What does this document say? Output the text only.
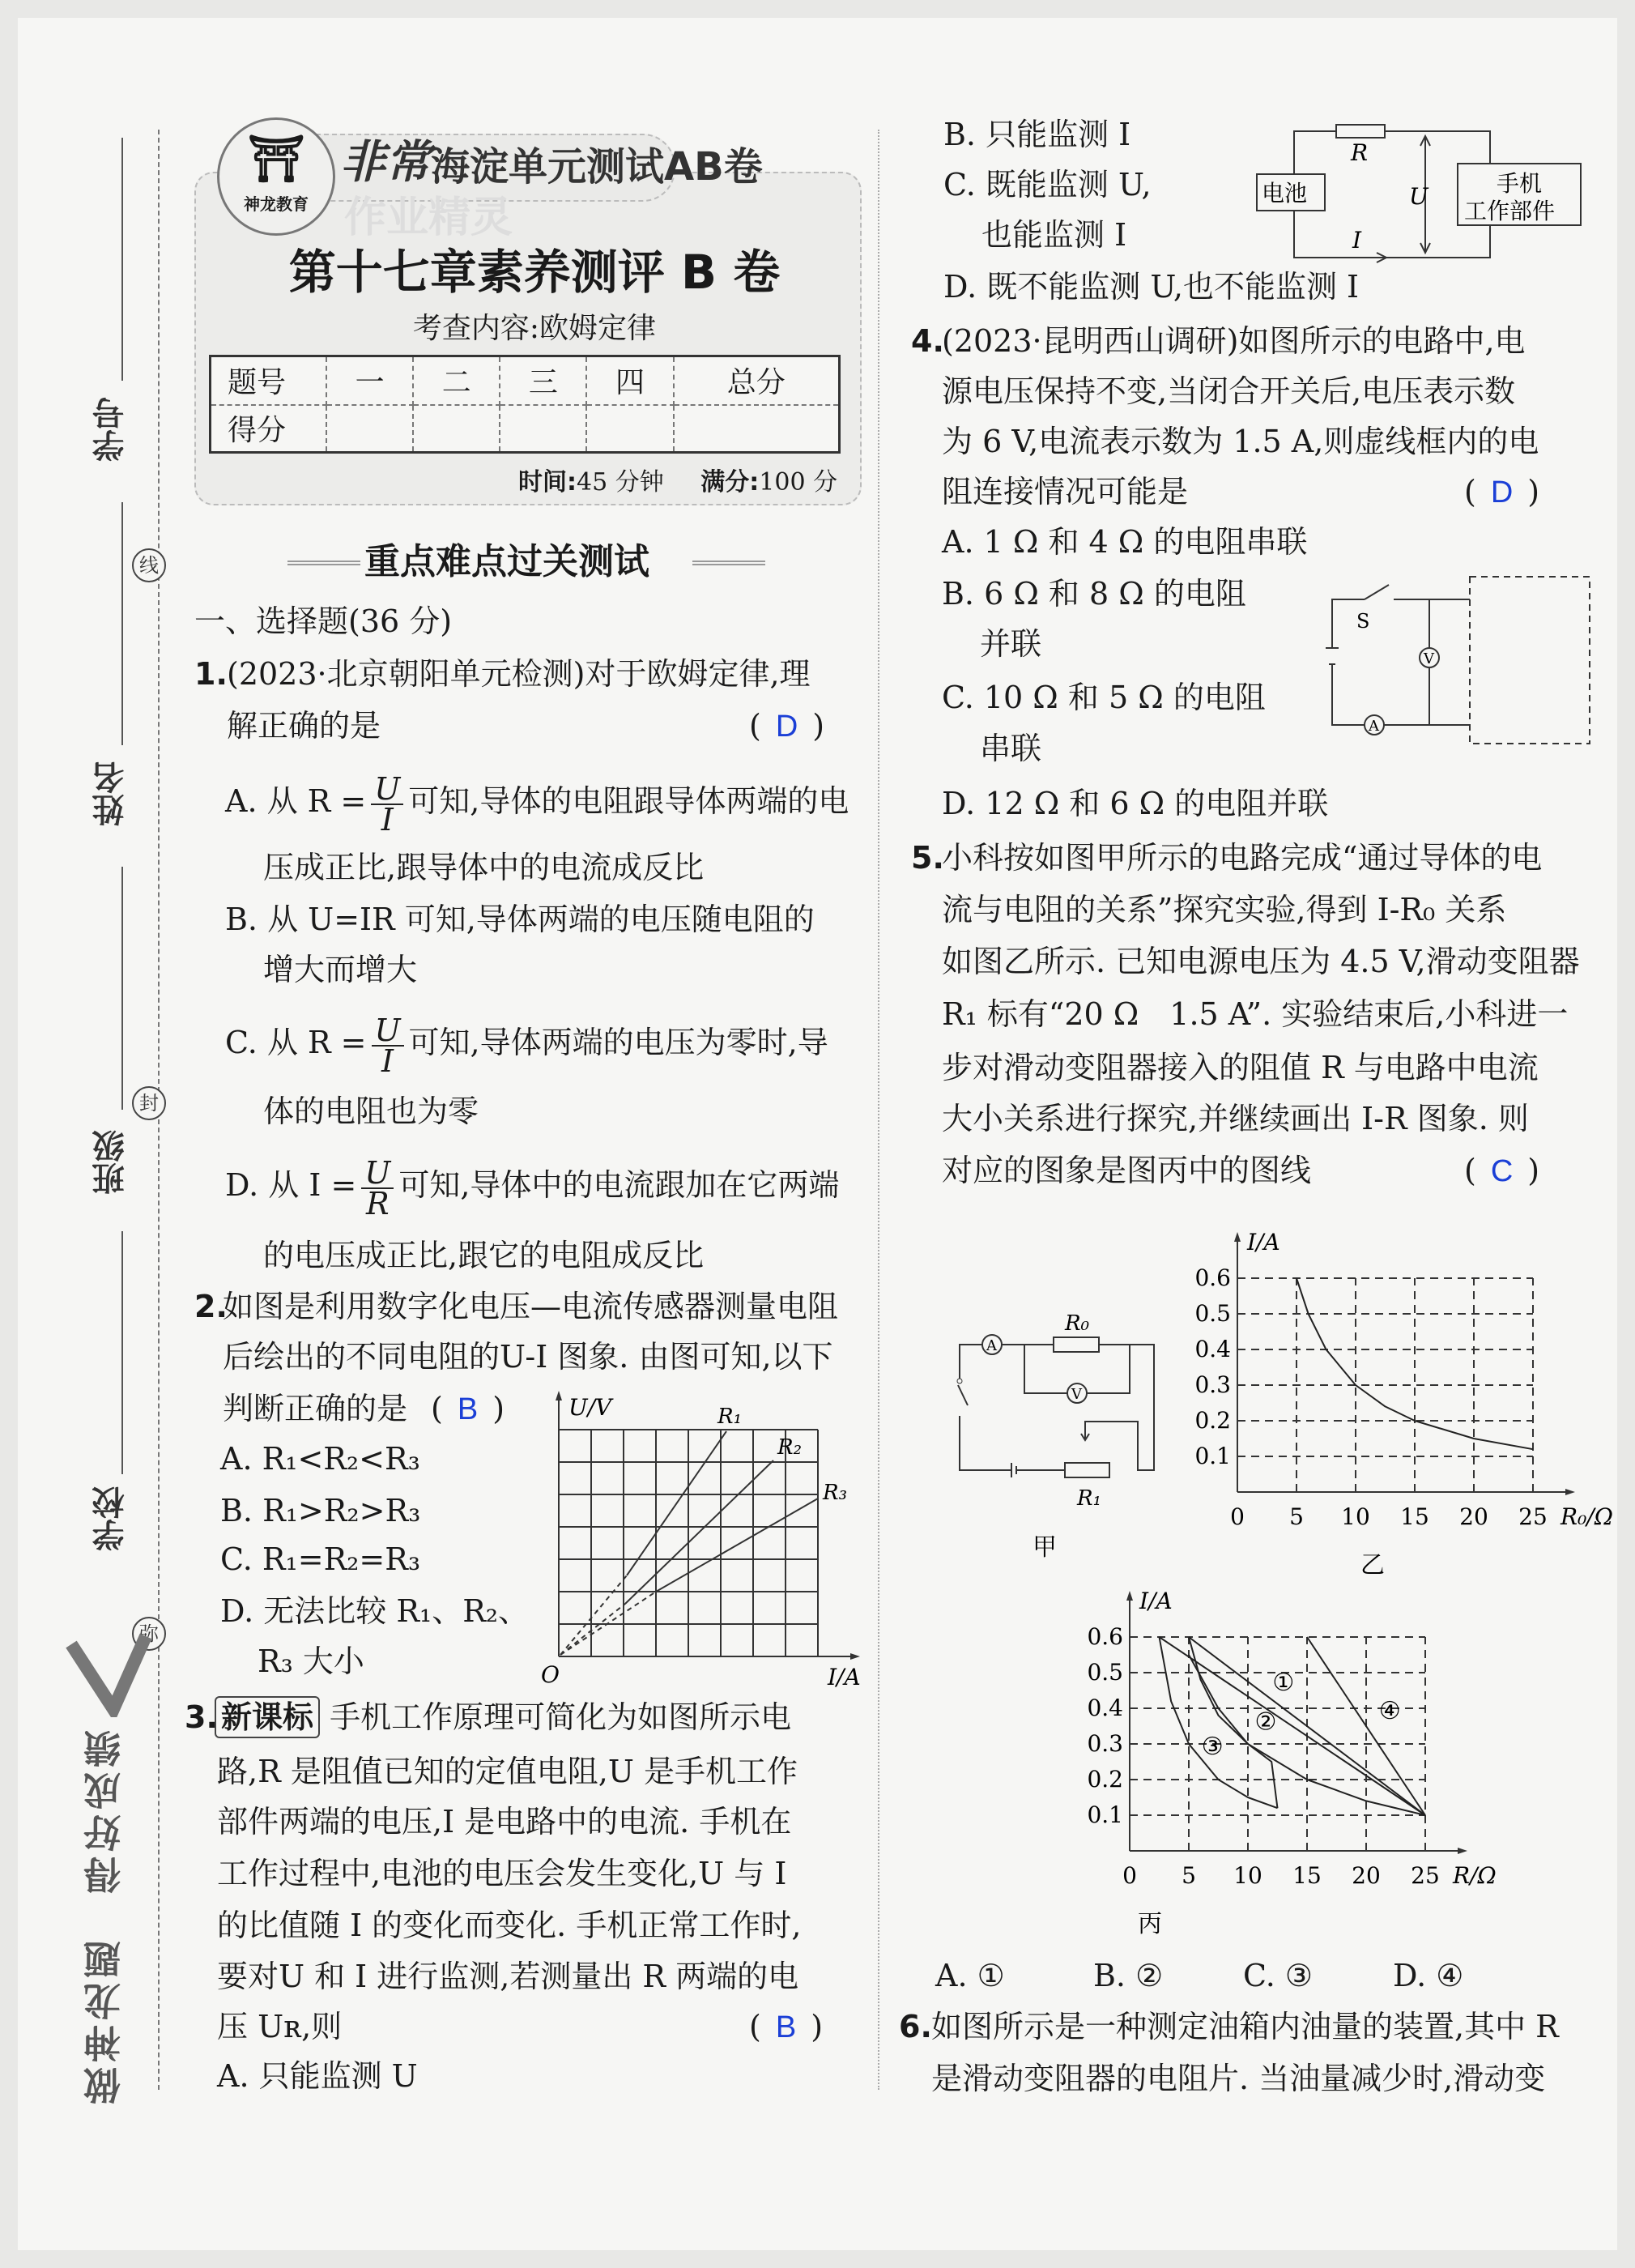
学号
姓名
班级
学校
线
封
弥
做神龙题　得好成绩
⛩
神龙教育
非常 海淀单元测试AB卷
作业精灵
第十七章素养测评 B 卷
考查内容:欧姆定律
题号	一	二	三	四	总分
得分					
时间:45 分钟 满分:100 分
重点难点过关测试
一、选择题(36 分)
1. (2023·北京朝阳单元检测)对于欧姆定律,理
解正确的是	( D )
A. 从 $R = \frac{U}{I}$ 可知,导体的电阻跟导体两端的电
压成正比,跟导体中的电流成反比
B. 从 U=IR 可知,导体两端的电压随电阻的
增大而增大
C. 从 $R = \frac{U}{I}$ 可知,导体两端的电压为零时,导
体的电阻也为零
D. 从 $I = \frac{U}{R}$ 可知,导体中的电流跟加在它两端
的电压成正比,跟它的电阻成反比
2.
如图是利用数字化电压—电流传感器测量电阻
后绘出的不同电阻的U-I 图象. 由图可知,以下
判断正确的是 ( B )
A. R₁<R₂<R₃
B. R₁>R₂>R₃
C. R₁=R₂=R₃
D. 无法比较 R₁、R₂、
R₃ 大小
U/V
I/A
O
R₁
R₂
R₃
3. 新课标 手机工作原理可简化为如图所示电
路,R 是阻值已知的定值电阻,U 是手机工作
部件两端的电压,I 是电路中的电流. 手机在
工作过程中,电池的电压会发生变化,U 与 I
的比值随 I 的变化而变化. 手机正常工作时,
要对U 和 I 进行监测,若测量出 R 两端的电
压 Uʀ,则	( B )
A. 只能监测 U
B. 只能监测 I
C. 既能监测 U,
也能监测 I
D. 既不能监测 U,也不能监测 I
电池	手机
工作部件
R
U
I
4.
(2023·昆明西山调研)如图所示的电路中,电
源电压保持不变,当闭合开关后,电压表示数
为 6 V,电流表示数为 1.5 A,则虚线框内的电
阻连接情况可能是	( D )
A. 1 Ω 和 4 Ω 的电阻串联
B. 6 Ω 和 8 Ω 的电阻
并联
C. 10 Ω 和 5 Ω 的电阻
串联
D. 12 Ω 和 6 Ω 的电阻并联
S
V
A
5.
小科按如图甲所示的电路完成“通过导体的电
流与电阻的关系”探究实验,得到 I-R₀ 关系
如图乙所示. 已知电源电压为 4.5 V,滑动变阻器
R₁ 标有“20 Ω　1.5 A”. 实验结束后,小科进一
步对滑动变阻器接入的阻值 R 与电路中电流
大小关系进行探究,并继续画出 I-R 图象. 则
对应的图象是图丙中的图线	( C )
A
V
R₀
R₁
甲
0 5 10 15 20 25
0.1
0.2
0.3
0.4
0.5
0.6
I/A
R₀/Ω
乙
0 5 10 15 20 25
0.1
0.2
0.3
0.4
0.5
0.6
I/A
R/Ω
丙
①
②
③
④
A. ①	B. ②	C. ③	D. ④
6. 如图所示是一种测定油箱内油量的装置,其中 R
是滑动变阻器的电阻片. 当油量减少时,滑动变
